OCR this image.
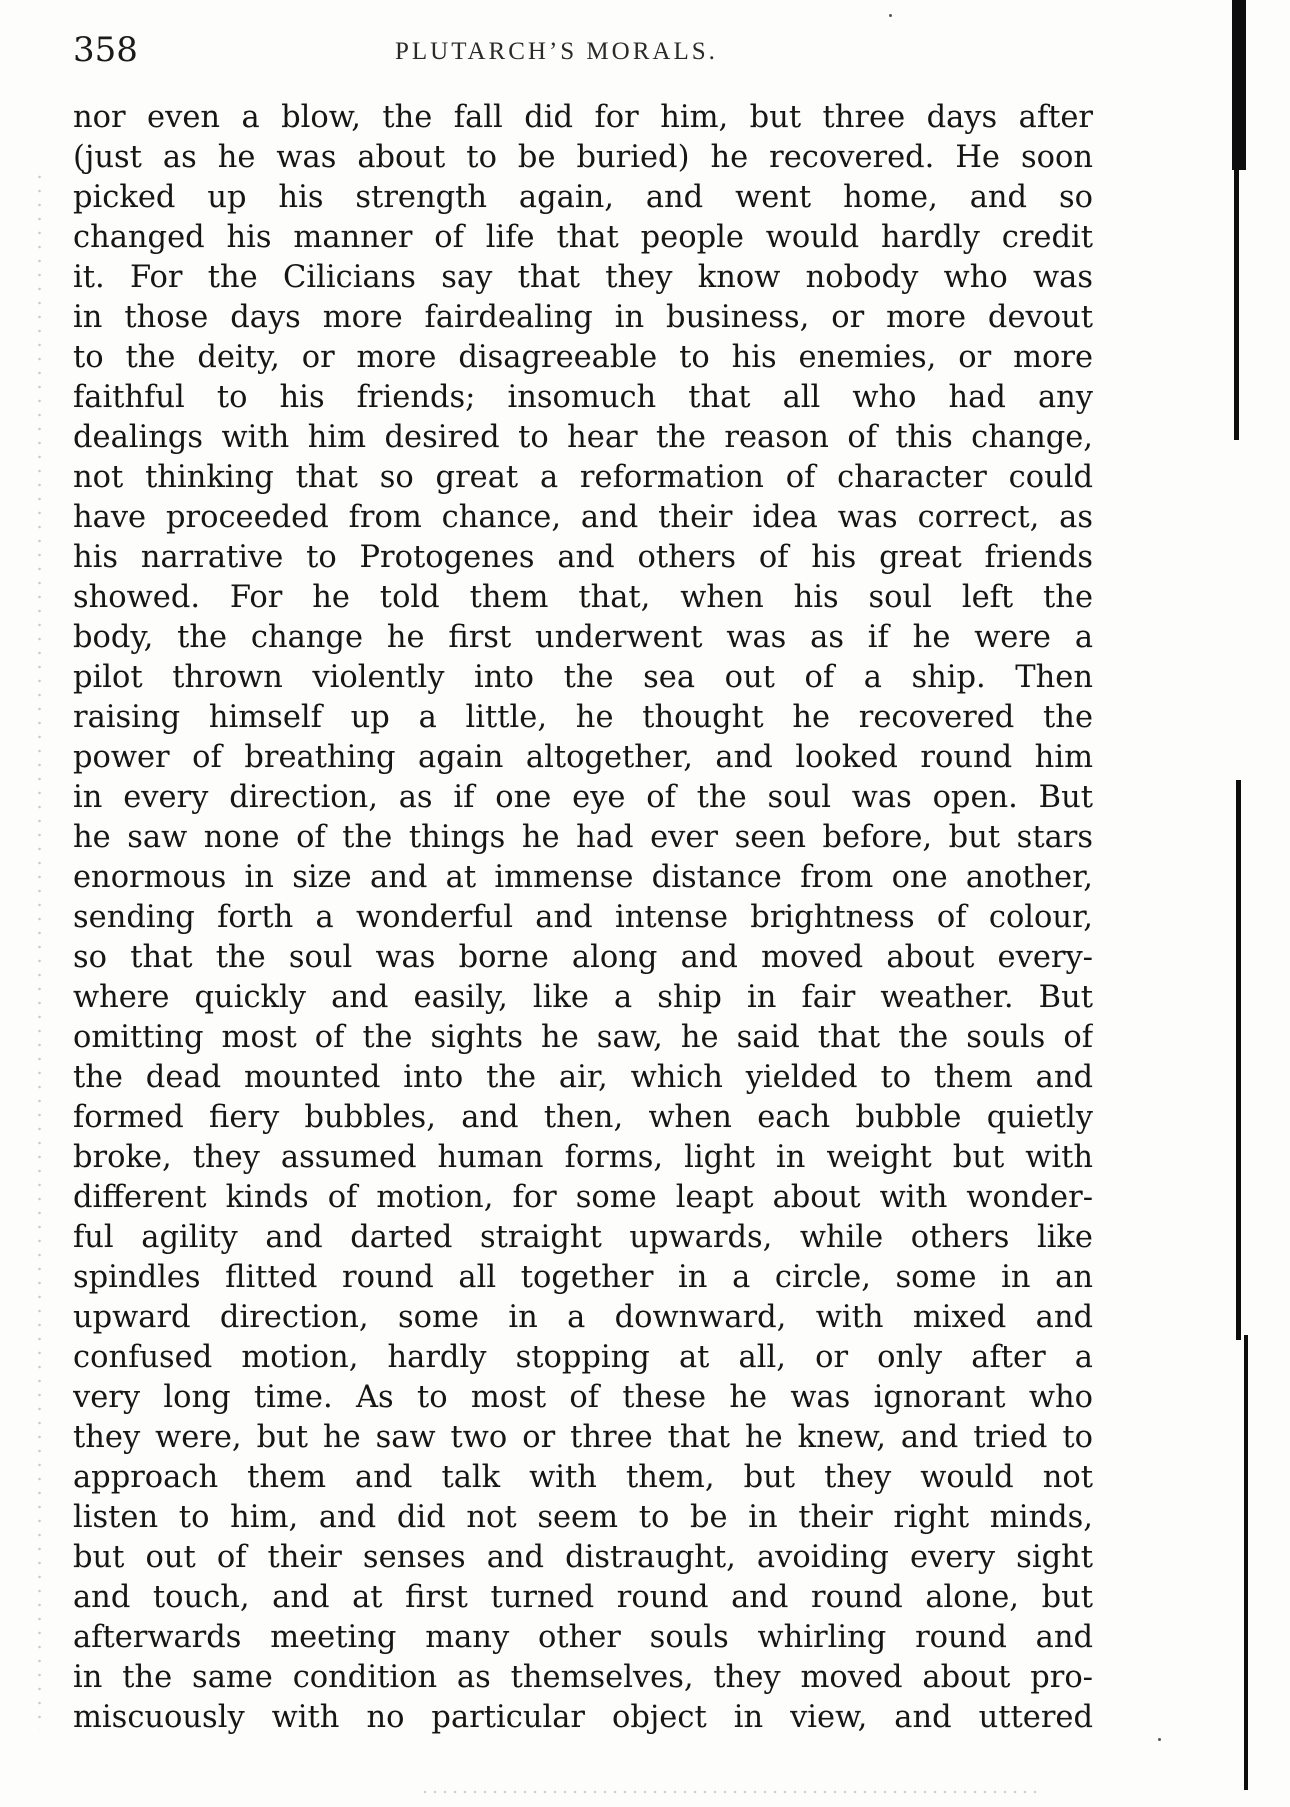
358	PLUTARCH’S MORALS.
nor even a blow, the fall did for him, but three days after
(just as he was about to be buried) he recovered. He soon
picked up his strength again, and went home, and so
changed his manner of life that people would hardly credit
it. For the Cilicians say that they know nobody who was
in those days more fairdealing in business, or more devout
to the deity, or more disagreeable to his enemies, or more
faithful to his friends; insomuch that all who had any
dealings with him desired to hear the reason of this change,
not thinking that so great a reformation of character could
have proceeded from chance, and their idea was correct, as
his narrative to Protogenes and others of his great friends
showed. For he told them that, when his soul left the
body, the change he first underwent was as if he were a
pilot thrown violently into the sea out of a ship. Then
raising himself up a little, he thought he recovered the
power of breathing again altogether, and looked round him
in every direction, as if one eye of the soul was open. But
he saw none of the things he had ever seen before, but stars
enormous in size and at immense distance from one another,
sending forth a wonderful and intense brightness of colour,
so that the soul was borne along and moved about every-
where quickly and easily, like a ship in fair weather. But
omitting most of the sights he saw, he said that the souls of
the dead mounted into the air, which yielded to them and
formed fiery bubbles, and then, when each bubble quietly
broke, they assumed human forms, light in weight but with
different kinds of motion, for some leapt about with wonder-
ful agility and darted straight upwards, while others like
spindles flitted round all together in a circle, some in an
upward direction, some in a downward, with mixed and
confused motion, hardly stopping at all, or only after a
very long time. As to most of these he was ignorant who
they were, but he saw two or three that he knew, and tried to
approach them and talk with them, but they would not
listen to him, and did not seem to be in their right minds,
but out of their senses and distraught, avoiding every sight
and touch, and at first turned round and round alone, but
afterwards meeting many other souls whirling round and
in the same condition as themselves, they moved about pro-
miscuously with no particular object in view, and uttered
